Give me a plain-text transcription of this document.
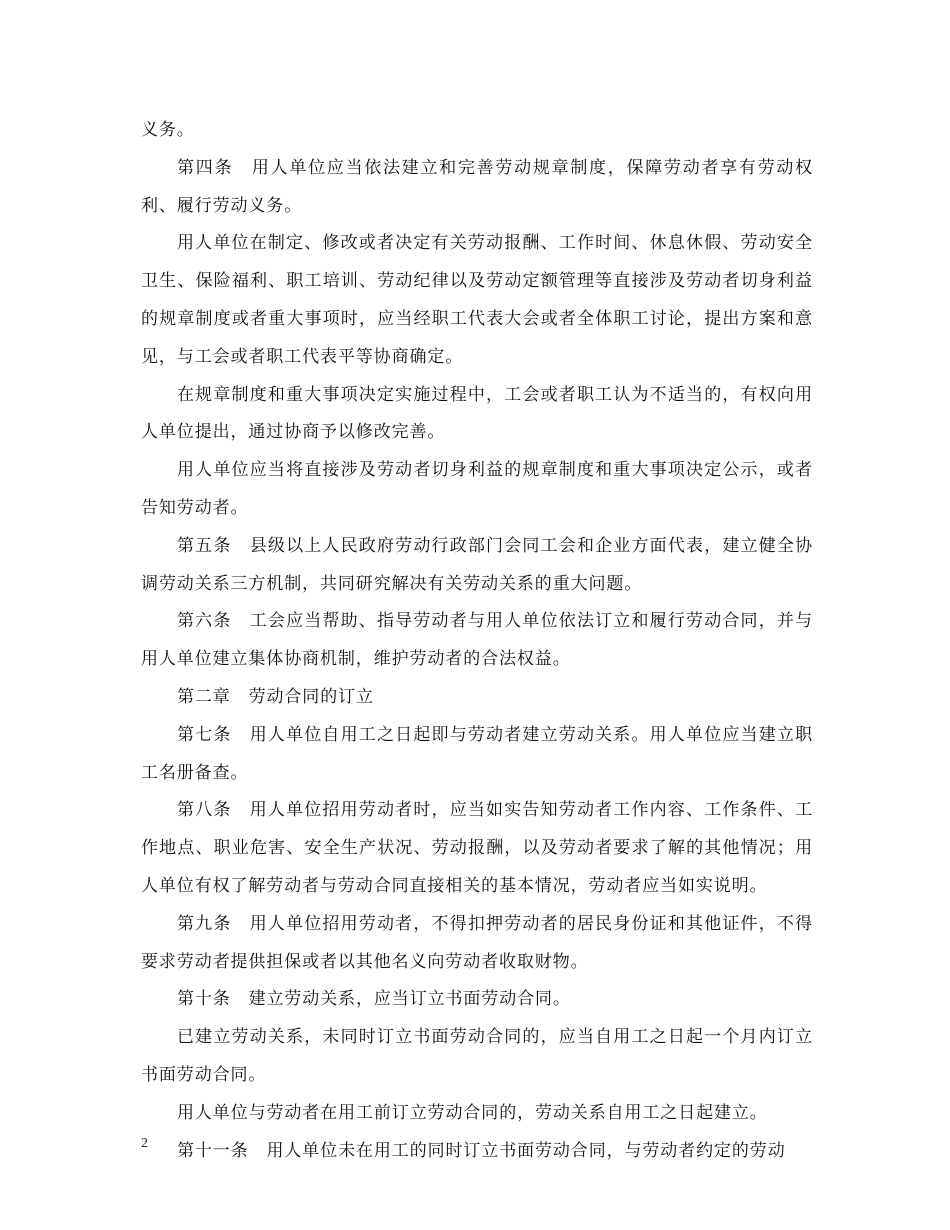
义务。

第四条　用人单位应当依法建立和完善劳动规章制度，保障劳动者享有劳动权利、履行劳动义务。

用人单位在制定、修改或者决定有关劳动报酬、工作时间、休息休假、劳动安全卫生、保险福利、职工培训、劳动纪律以及劳动定额管理等直接涉及劳动者切身利益的规章制度或者重大事项时，应当经职工代表大会或者全体职工讨论，提出方案和意见，与工会或者职工代表平等协商确定。

在规章制度和重大事项决定实施过程中，工会或者职工认为不适当的，有权向用人单位提出，通过协商予以修改完善。

用人单位应当将直接涉及劳动者切身利益的规章制度和重大事项决定公示，或者告知劳动者。

第五条　县级以上人民政府劳动行政部门会同工会和企业方面代表，建立健全协调劳动关系三方机制，共同研究解决有关劳动关系的重大问题。

第六条　工会应当帮助、指导劳动者与用人单位依法订立和履行劳动合同，并与用人单位建立集体协商机制，维护劳动者的合法权益。

第二章　劳动合同的订立

第七条　用人单位自用工之日起即与劳动者建立劳动关系。用人单位应当建立职工名册备查。

第八条　用人单位招用劳动者时，应当如实告知劳动者工作内容、工作条件、工作地点、职业危害、安全生产状况、劳动报酬，以及劳动者要求了解的其他情况；用人单位有权了解劳动者与劳动合同直接相关的基本情况，劳动者应当如实说明。

第九条　用人单位招用劳动者，不得扣押劳动者的居民身份证和其他证件，不得要求劳动者提供担保或者以其他名义向劳动者收取财物。

第十条　建立劳动关系，应当订立书面劳动合同。

已建立劳动关系，未同时订立书面劳动合同的，应当自用工之日起一个月内订立书面劳动合同。

用人单位与劳动者在用工前订立劳动合同的，劳动关系自用工之日起建立。

第十一条　用人单位未在用工的同时订立书面劳动合同，与劳动者约定的劳动

2
